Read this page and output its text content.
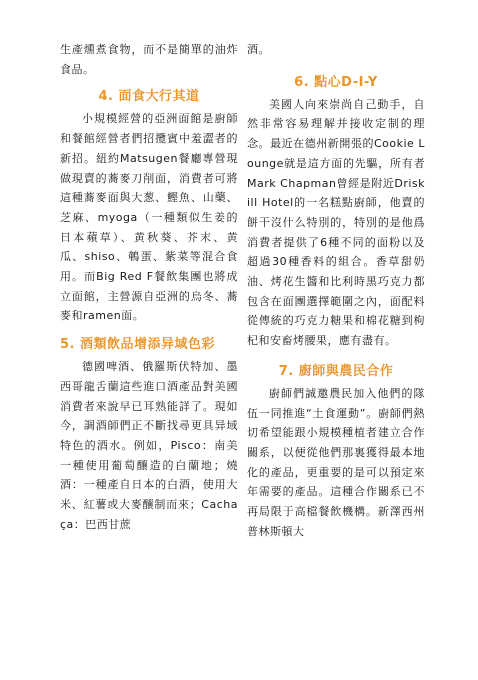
生產燻煮食物，而不是簡單的油炸食品。

4. 面食大行其道

小規模經營的亞洲面館是廚師和餐館經營者們招攬賓中羞澀者的新招。紐約Matsugen餐廳專營現做現賣的蕎麥刀削面，消費者可將這種蕎麥面與大葱、鰹魚、山藥、芝麻、myoga（一種類似生姜的日本蘋草）、黄秋葵、芥末、黄瓜、shiso、鵪蛋、紫菜等混合食用。而Big Red F餐飲集團也將成立面館，主營源自亞洲的烏冬、蕎麥和ramen面。

5. 酒類飲品增添异域色彩

德國啤酒、俄羅斯伏特加、墨西哥龍舌蘭這些進口酒產品對美國消費者來說早已耳熟能詳了。現如今，調酒師們正不斷找尋更具异域特色的酒水。例如，Pisco：南美一種使用葡萄釀造的白蘭地；燒酒：一種產自日本的白酒，使用大米、紅薯或大麥釀制而來；Cachaça：巴西甘蔗

酒。

6. 點心D-I-Y

美國人向來崇尚自己動手，自然非常容易理解并接收定制的理念。最近在德州新開張的Cookie Lounge就是這方面的先驅，所有者Mark Chapman曾經是附近Driskill Hotel的一名糕點廚師，他賣的餅干沒什么特別的，特別的是他爲消費者提供了6種不同的面粉以及超過30種香料的組合。香草甜奶油、烤花生醬和比利時黑巧克力都包含在面團選擇範圍之內，面配料從傳統的巧克力糖果和棉花糖到枸杞和安畜烤腰果，應有盡有。

7. 廚師與農民合作

廚師們誠邀農民加入他們的隊伍一同推進“土食運動”。廚師們熱切希望能跟小規模種植者建立合作關系，以便從他們那裏獲得最本地化的產品，更重要的是可以預定來年需要的產品。這種合作關系已不再局限于高檔餐飲機構。新澤西州普林斯頓大
